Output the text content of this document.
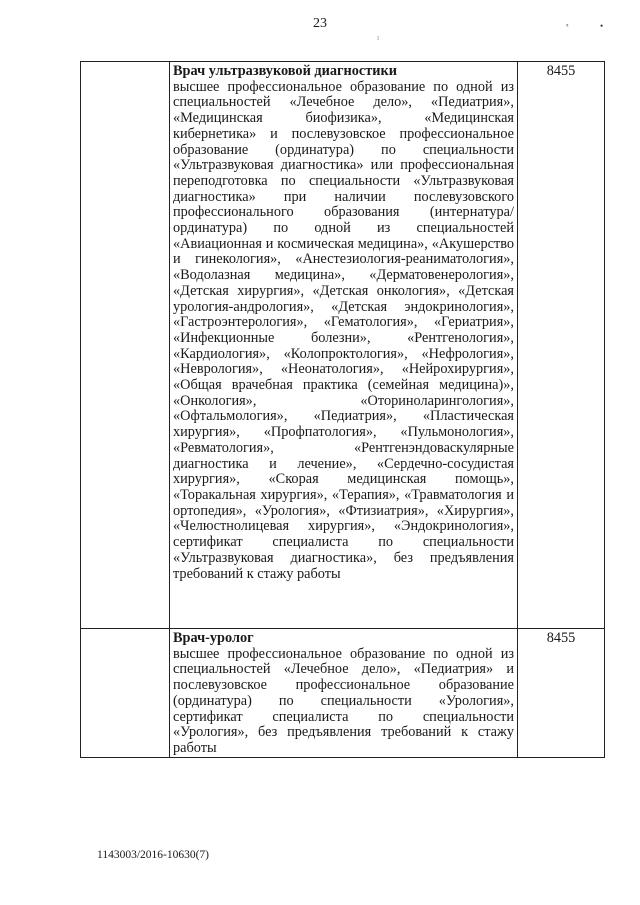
23	ˣ	•
ı

	Врач ультразвуковой диагностики
высшее профессиональное образование по одной из специальностей «Лечебное дело», «Педиатрия», «Медицинская биофизика», «Медицинская кибернетика» и послевузовское профессиональное образование (ординатура) по специальности «Ультразвуковая диагностика» или профессиональная переподготовка по специальности «Ультразвуковая диагностика» при наличии послевузовского профессионального образования (интернатура/ординатура) по одной из специальностей «Авиационная и космическая медицина», «Акушерство и гинекология», «Анестезиология-реаниматология», «Водолазная медицина», «Дерматовенерология», «Детская хирургия», «Детская онкология», «Детская урология-андрология», «Детская эндокринология», «Гастроэнтерология», «Гематология», «Гериатрия», «Инфекционные болезни», «Рентгенология», «Кардиология», «Колопроктология», «Нефрология», «Неврология», «Неонатология», «Нейрохирургия», «Общая врачебная практика (семейная медицина)», «Онкология», «Оториноларингология», «Офтальмология», «Педиатрия», «Пластическая хирургия», «Профпатология», «Пульмонология», «Ревматология», «Рентгенэндоваскулярные диагностика и лечение», «Сердечно-сосудистая хирургия», «Скорая медицинская помощь», «Торакальная хирургия», «Терапия», «Травматология и ортопедия», «Урология», «Фтизиатрия», «Хирургия», «Челюстнолицевая хирургия», «Эндокринология», сертификат специалиста по специальности «Ультразвуковая диагностика», без предъявления требований к стажу работы	8455

	Врач-уролог
высшее профессиональное образование по одной из специальностей «Лечебное дело», «Педиатрия» и послевузовское профессиональное образование (ординатура) по специальности «Урология», сертификат специалиста по специальности «Урология», без предъявления требований к стажу работы	8455
1143003/2016-10630(7)
